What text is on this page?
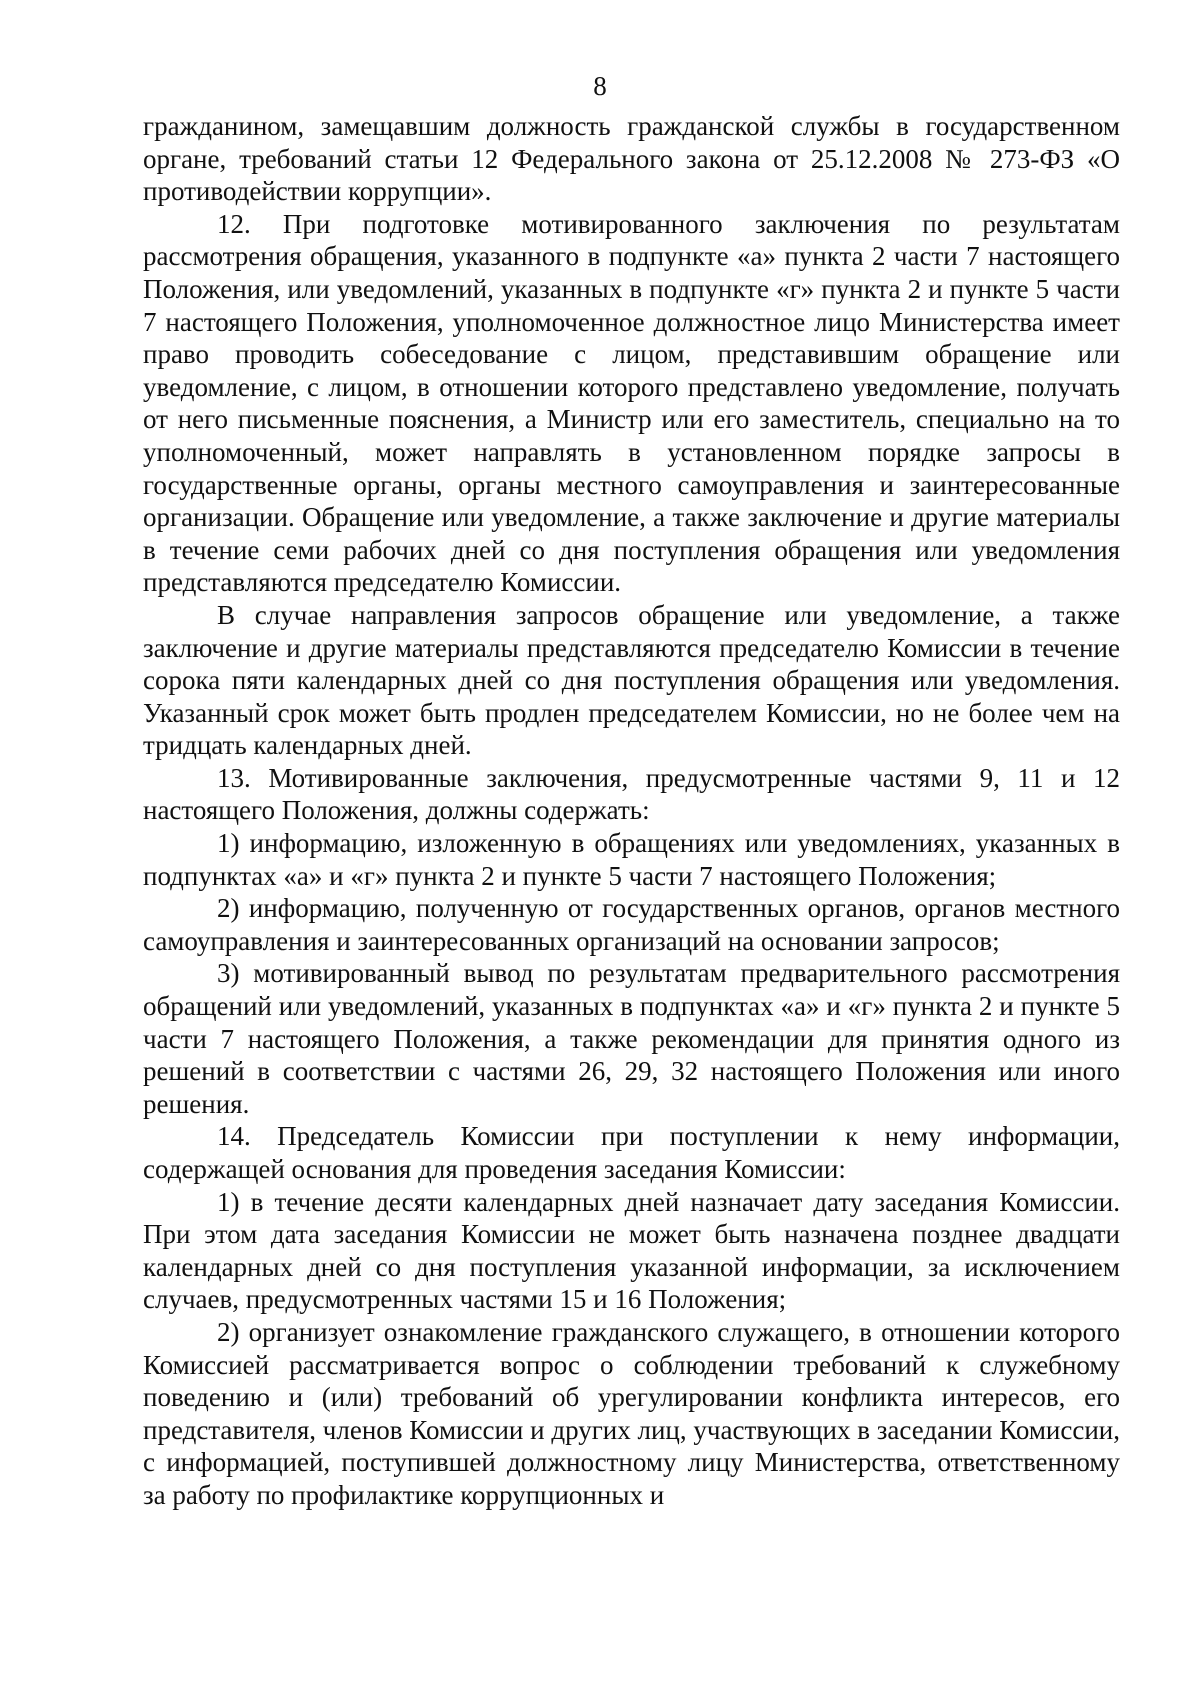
8

гражданином, замещавшим должность гражданской службы в государственном органе, требований статьи 12 Федерального закона от 25.12.2008 № 273-ФЗ «О противодействии коррупции».

12. При подготовке мотивированного заключения по результатам рассмотрения обращения, указанного в подпункте «а» пункта 2 части 7 настоящего Положения, или уведомлений, указанных в подпункте «г» пункта 2 и пункте 5 части 7 настоящего Положения, уполномоченное должностное лицо Министерства имеет право проводить собеседование с лицом, представившим обращение или уведомление, с лицом, в отношении которого представлено уведомление, получать от него письменные пояснения, а Министр или его заместитель, специально на то уполномоченный, может направлять в установленном порядке запросы в государственные органы, органы местного самоуправления и заинтересованные организации. Обращение или уведомление, а также заключение и другие материалы в течение семи рабочих дней со дня поступления обращения или уведомления представляются председателю Комиссии.

В случае направления запросов обращение или уведомление, а также заключение и другие материалы представляются председателю Комиссии в течение сорока пяти календарных дней со дня поступления обращения или уведомления. Указанный срок может быть продлен председателем Комиссии, но не более чем на тридцать календарных дней.

13. Мотивированные заключения, предусмотренные частями 9, 11 и 12 настоящего Положения, должны содержать:

1) информацию, изложенную в обращениях или уведомлениях, указанных в подпунктах «а» и «г» пункта 2 и пункте 5 части 7 настоящего Положения;

2) информацию, полученную от государственных органов, органов местного самоуправления и заинтересованных организаций на основании запросов;

3) мотивированный вывод по результатам предварительного рассмотрения обращений или уведомлений, указанных в подпунктах «а» и «г» пункта 2 и пункте 5 части 7 настоящего Положения, а также рекомендации для принятия одного из решений в соответствии с частями 26, 29, 32 настоящего Положения или иного решения.

14. Председатель Комиссии при поступлении к нему информации, содержащей основания для проведения заседания Комиссии:

1) в течение десяти календарных дней назначает дату заседания Комиссии. При этом дата заседания Комиссии не может быть назначена позднее двадцати календарных дней со дня поступления указанной информации, за исключением случаев, предусмотренных частями 15 и 16 Положения;

2) организует ознакомление гражданского служащего, в отношении которого Комиссией рассматривается вопрос о соблюдении требований к служебному поведению и (или) требований об урегулировании конфликта интересов, его представителя, членов Комиссии и других лиц, участвующих в заседании Комиссии, с информацией, поступившей должностному лицу Министерства, ответственному за работу по профилактике коррупционных и
